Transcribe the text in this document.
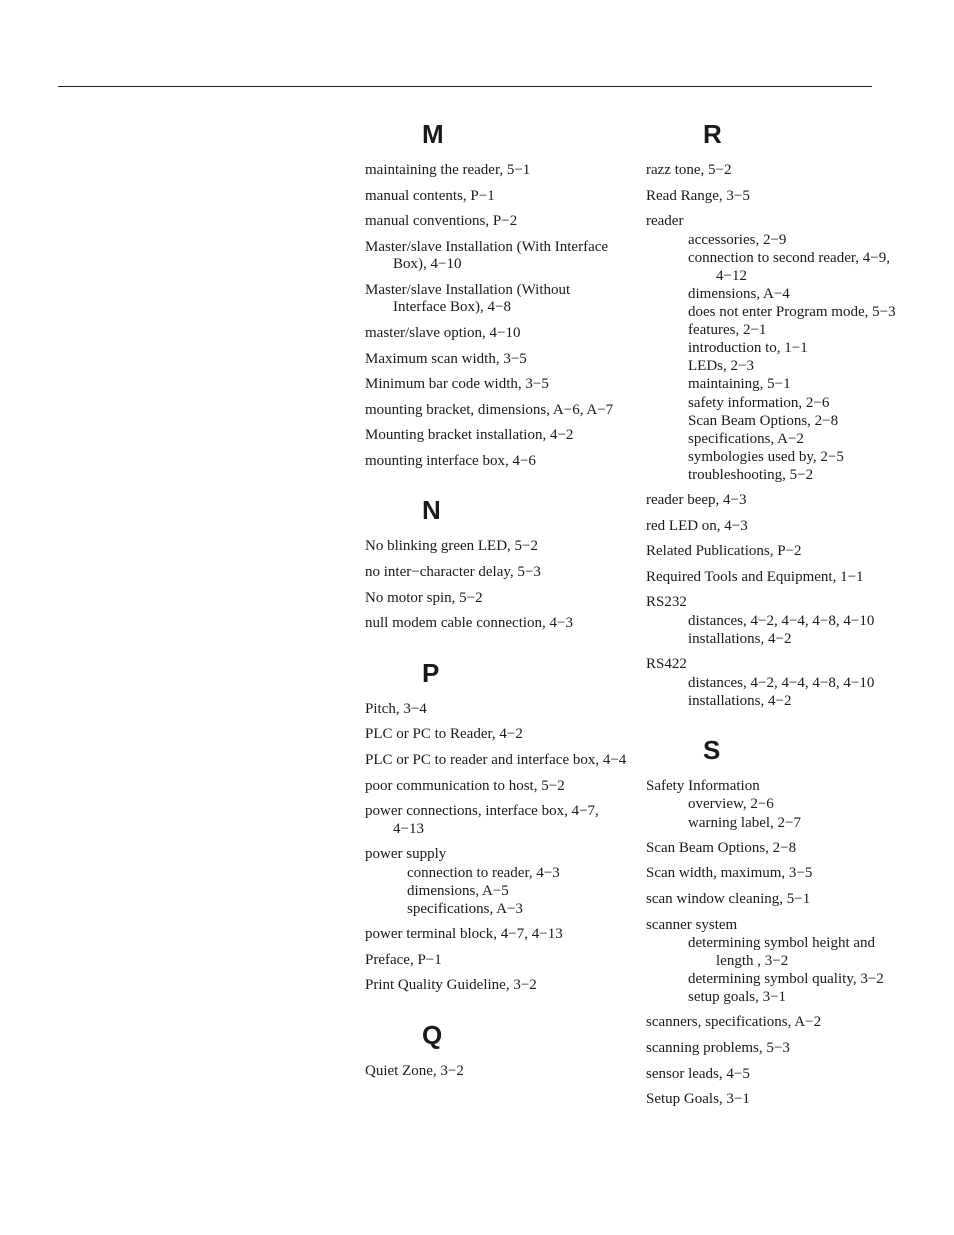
M
maintaining the reader, 5−1
manual contents, P−1
manual conventions, P−2
Master/slave Installation (With Interface Box), 4−10
Master/slave Installation (Without Interface Box), 4−8
master/slave option, 4−10
Maximum scan width, 3−5
Minimum bar code width, 3−5
mounting bracket, dimensions, A−6, A−7
Mounting bracket installation, 4−2
mounting interface box, 4−6
N
No blinking green LED, 5−2
no inter−character delay, 5−3
No motor spin, 5−2
null modem cable connection, 4−3
P
Pitch, 3−4
PLC or PC to Reader, 4−2
PLC or PC to reader and interface box, 4−4
poor communication to host, 5−2
power connections, interface box, 4−7, 4−13
power supply
connection to reader, 4−3
dimensions, A−5
specifications, A−3
power terminal block, 4−7, 4−13
Preface, P−1
Print Quality Guideline, 3−2
Q
Quiet Zone, 3−2
R
razz tone, 5−2
Read Range, 3−5
reader
accessories, 2−9
connection to second reader, 4−9, 4−12
dimensions, A−4
does not enter Program mode, 5−3
features, 2−1
introduction to, 1−1
LEDs, 2−3
maintaining, 5−1
safety information, 2−6
Scan Beam Options, 2−8
specifications, A−2
symbologies used by, 2−5
troubleshooting, 5−2
reader beep, 4−3
red LED on, 4−3
Related Publications, P−2
Required Tools and Equipment, 1−1
RS232
distances, 4−2, 4−4, 4−8, 4−10
installations, 4−2
RS422
distances, 4−2, 4−4, 4−8, 4−10
installations, 4−2
S
Safety Information
overview, 2−6
warning label, 2−7
Scan Beam Options, 2−8
Scan width, maximum, 3−5
scan window cleaning, 5−1
scanner system
determining symbol height and length , 3−2
determining symbol quality, 3−2
setup goals, 3−1
scanners, specifications, A−2
scanning problems, 5−3
sensor leads, 4−5
Setup Goals, 3−1
